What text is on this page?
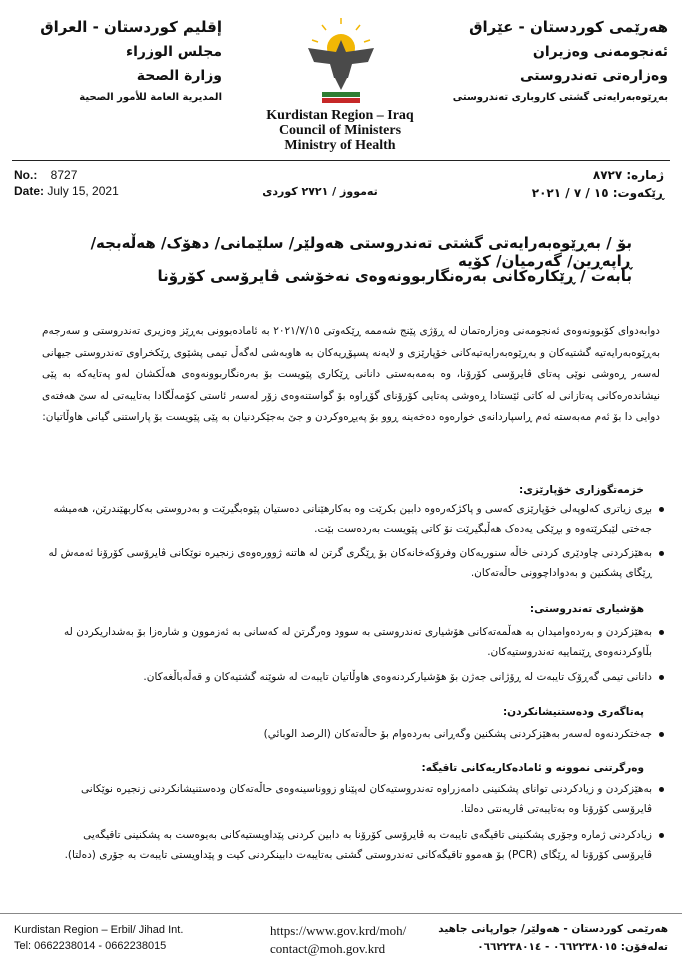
إقليم كوردستان - العراق
مجلس الوزراء
وزارة الصحة
المديرية العامة للأمور الصحية
Kurdistan Region – Iraq
Council of Ministers
Ministry of Health
هەرێمی کوردستان - عێراق
ئەنجومەنی وەزیران
وەزارەتی تەندروستی
بەڕێوەبەرایەتی گشتی کاروباری تەندروستی
No.: 8727
Date: July 15, 2021	تەمووز / ٢٧٢١ کوردی
ژمارە: ٨٧٢٧
ڕێکەوت: ١٥ / ٧ / ٢٠٢١
بۆ / بەڕێوەبەرایەتی گشتی تەندروستی هەولێر/ سلێمانی/ دهۆک/ هەڵەبجە/ ڕاپەڕین/ گەرمیان/ کۆیە
بابەت / ڕێکارەکانی بەرەنگاربوونەوەی نەخۆشی ڤایرۆسی کۆرۆنا
دوابەدوای کۆبوونەوەی ئەنجومەنی وەزارەتمان لە ڕۆژی پێنج شەممە ڕێکەوتی ٢٠٢١/٧/١٥ بە ئامادەبوونی بەڕێز وەزیری تەندروستی و سەرجەم بەڕێوەبەرایەتیە گشتیەکان و بەڕێوەبەرایەتیەکانی خۆپارێزی و لایەنە پسپۆڕیەکان بە هاوبەشی لەگەڵ تیمی پشێوی ڕێکخراوی تەندروستی جیهانی لەسەر ڕەوشی نوێی پەتای ڤایرۆسی کۆرۆنا، وە بەمەبەستی دانانی ڕێکاری پێویست بۆ بەرەنگاربوونەوەی هەڵکشان لەو پەتایەکە بە پێی نیشاندەرەکانی پەتازانی لە کاتی ئێستادا ڕەوشی پەتایی کۆرۆنای گۆڕاوە بۆ گواستنەوەی زۆر لەسەر ئاستی کۆمەڵگادا بەتایبەتی لە سێ هەفتەی دوایی دا بۆ ئەم مەبەستە ئەم ڕاسپاردانەی خوارەوە دەخەینە ڕوو بۆ پەیڕەوکردن و جێ بەجێکردنیان بە پێی پێویست بۆ پاراستنی گیانی هاوڵاتیان:
خزمەتگوزاری خۆپارێزی:
بڕی زیاتری کەلوپەلی خۆپارێزی کەسی و پاکژکەرەوە دابین بکرێت وە بەکارهێنانی دەستیان پێوەبگیرێت و بەدروستی بەکاربهێندرێن، هەمیشە جەختی لێبکرێتەوە و بڕێکی یەدەک هەڵبگیرێت نۆ کاتی پێویست بەردەست بێت.
بەهێزکردنی چاودێری کردنی خاڵە سنوریەکان وفرۆکەخانەکان بۆ ڕێگری گرتن لە هاتنە ژوورەوەی زنجیرە نوێکانی ڤایرۆسی کۆرۆنا ئەمەش لە ڕێگای پشکنین و بەدواداچوونی حاڵەتەکان.
هۆشیاری تەندروستی:
بەهێزکردن و بەردەوامیدان بە هەڵمەتەکانی هۆشیاری تەندروستی بە سوود وەرگرتن لە کەسانی بە ئەزموون و شارەزا بۆ بەشداریکردن لە بڵاوکردنەوەی ڕێنماییە تەندروستیەکان.
دانانی تیمی گەڕۆک تایبەت لە ڕۆژانی جەژن بۆ هۆشیارکردنەوەی هاوڵاتیان تایبەت لە شوێنە گشتیەکان و قەڵەباڵغەکان.
پەتاگەری ودەستنیشانکردن:
جەختکردنەوە لەسەر بەهێزکردنی پشکنین وگەڕانی بەردەوام بۆ حاڵەتەکان (الرصد الوبائي)
وەرگرتنی نموونە و ئامادەکاریەکانی تاقیگە:
بەهێزکردن و زیادکردنی توانای پشکنینی دامەزراوە تەندروستیەکان لەپێناو زووناسینەوەی حاڵەتەکان ودەستنیشانکردنی زنجیرە نوێکانی ڤایرۆسی کۆرۆنا وە بەتایبەتی ڤاریەنتی دەلتا.
زیادکردنی ژمارە وجۆری پشکنینی تاقیگەی تایبەت بە ڤایرۆسی کۆرۆنا بە دابین کردنی پێداویستیەکانی بەیوەست بە پشکنینی تاقیگەیی ڤایرۆسی کۆرۆنا لە ڕێگای (PCR) بۆ هەموو تاقیگەکانی تەندروستی گشتی بەتایبەت دابینکردنی کیت و پێداویستی تایبەت بە جۆری (دەلتا).
Kurdistan Region – Erbil/ Jihad Int.
Tel: 0662238014 - 0662238015
https://www.gov.krd/moh/
contact@moh.gov.krd
هەرێمی کوردستان - هەولێر/ جوارپانی جاهید
تەلەفۆن: ٠٦٦٢٢٣٨٠١٥ - ٠٦٦٢٢٣٨٠١٤
